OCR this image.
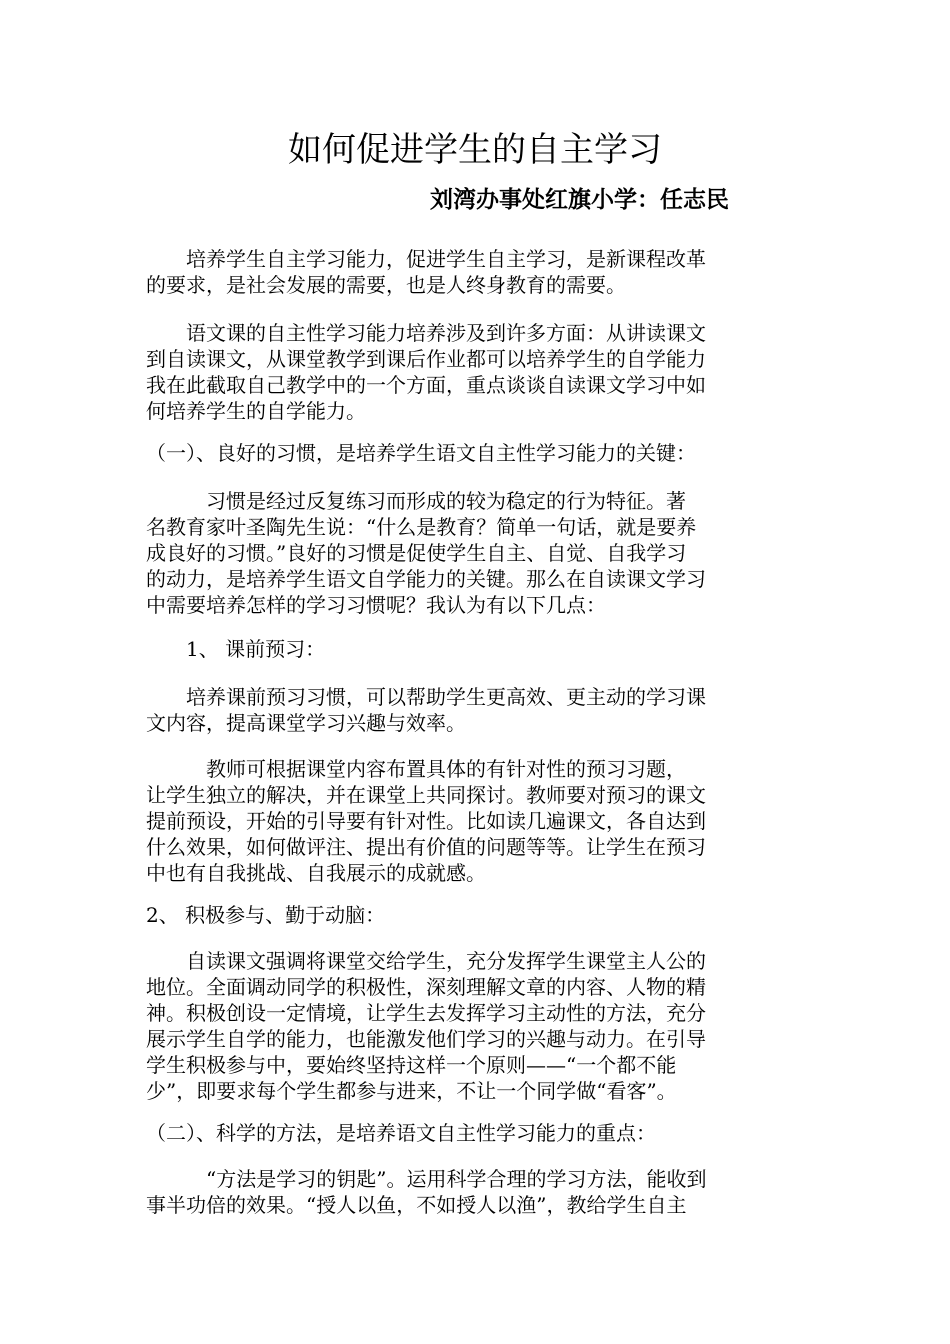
如何促进学生的自主学习
刘湾办事处红旗小学：任志民
　　培养学生自主学习能力，促进学生自主学习，是新课程改革
的要求，是社会发展的需要，也是人终身教育的需要。
　　语文课的自主性学习能力培养涉及到许多方面：从讲读课文
到自读课文，从课堂教学到课后作业都可以培养学生的自学能力
我在此截取自己教学中的一个方面，重点谈谈自读课文学习中如
何培养学生的自学能力。
（一）、良好的习惯，是培养学生语文自主性学习能力的关键：
　　　习惯是经过反复练习而形成的较为稳定的行为特征。著
名教育家叶圣陶先生说：“什么是教育？简单一句话，就是要养
成良好的习惯。”良好的习惯是促使学生自主、自觉、自我学习
的动力，是培养学生语文自学能力的关键。那么在自读课文学习
中需要培养怎样的学习习惯呢？我认为有以下几点：
　　1、 课前预习：
　　培养课前预习习惯，可以帮助学生更高效、更主动的学习课
文内容，提高课堂学习兴趣与效率。
　　　教师可根据课堂内容布置具体的有针对性的预习习题，
让学生独立的解决，并在课堂上共同探讨。教师要对预习的课文
提前预设，开始的引导要有针对性。比如读几遍课文，各自达到
什么效果，如何做评注、提出有价值的问题等等。让学生在预习
中也有自我挑战、自我展示的成就感。
2、 积极参与、勤于动脑：
　　自读课文强调将课堂交给学生，充分发挥学生课堂主人公的
地位。全面调动同学的积极性，深刻理解文章的内容、人物的精
神。积极创设一定情境，让学生去发挥学习主动性的方法，充分
展示学生自学的能力，也能激发他们学习的兴趣与动力。在引导
学生积极参与中，要始终坚持这样一个原则——“一个都不能
少”，即要求每个学生都参与进来，不让一个同学做“看客”。
（二）、科学的方法，是培养语文自主性学习能力的重点：
　　　“方法是学习的钥匙”。运用科学合理的学习方法，能收到
事半功倍的效果。“授人以鱼，不如授人以渔”，教给学生自主
